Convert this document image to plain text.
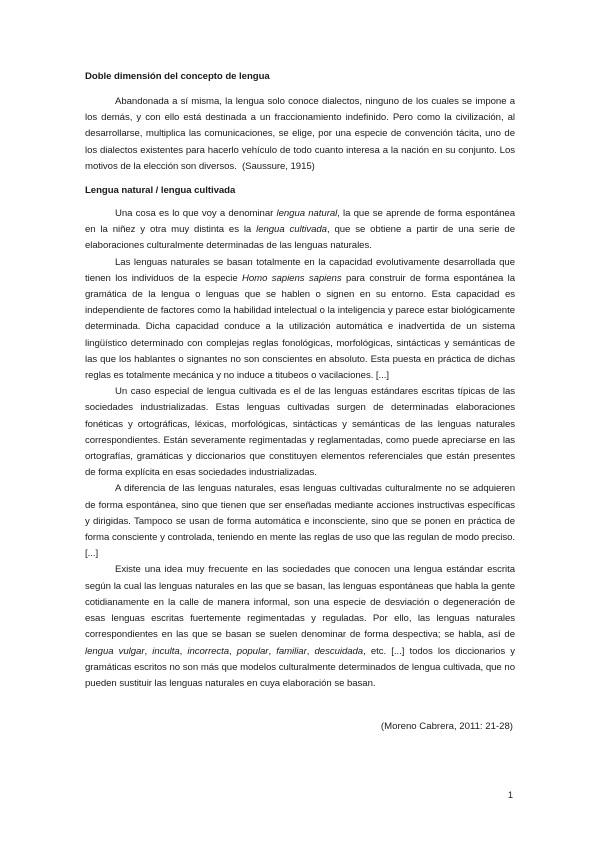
Doble dimensión del concepto de lengua

Abandonada a sí misma, la lengua solo conoce dialectos, ninguno de los cuales se impone a los demás, y con ello está destinada a un fraccionamiento indefinido. Pero como la civilización, al desarrollarse, multiplica las comunicaciones, se elige, por una especie de convención tácita, uno de los dialectos existentes para hacerlo vehículo de todo cuanto interesa a la nación en su conjunto. Los motivos de la elección son diversos. (Saussure, 1915)

Lengua natural / lengua cultivada

Una cosa es lo que voy a denominar lengua natural, la que se aprende de forma espontánea en la niñez y otra muy distinta es la lengua cultivada, que se obtiene a partir de una serie de elaboraciones culturalmente determinadas de las lenguas naturales.

Las lenguas naturales se basan totalmente en la capacidad evolutivamente desarrollada que tienen los individuos de la especie Homo sapiens sapiens para construir de forma espontánea la gramática de la lengua o lenguas que se hablen o signen en su entorno. Esta capacidad es independiente de factores como la habilidad intelectual o la inteligencia y parece estar biológicamente determinada. Dicha capacidad conduce a la utilización automática e inadvertida de un sistema lingüístico determinado con complejas reglas fonológicas, morfológicas, sintácticas y semánticas de las que los hablantes o signantes no son conscientes en absoluto. Esta puesta en práctica de dichas reglas es totalmente mecánica y no induce a titubeos o vacilaciones. [...]

Un caso especial de lengua cultivada es el de las lenguas estándares escritas típicas de las sociedades industrializadas. Estas lenguas cultivadas surgen de determinadas elaboraciones fonéticas y ortográficas, léxicas, morfológicas, sintácticas y semánticas de las lenguas naturales correspondientes. Están severamente regimentadas y reglamentadas, como puede apreciarse en las ortografías, gramáticas y diccionarios que constituyen elementos referenciales que están presentes de forma explícita en esas sociedades industrializadas.

A diferencia de las lenguas naturales, esas lenguas cultivadas culturalmente no se adquieren de forma espontánea, sino que tienen que ser enseñadas mediante acciones instructivas específicas y dirigidas. Tampoco se usan de forma automática e inconsciente, sino que se ponen en práctica de forma consciente y controlada, teniendo en mente las reglas de uso que las regulan de modo preciso. [...]

Existe una idea muy frecuente en las sociedades que conocen una lengua estándar escrita según la cual las lenguas naturales en las que se basan, las lenguas espontáneas que habla la gente cotidianamente en la calle de manera informal, son una especie de desviación o degeneración de esas lenguas escritas fuertemente regimentadas y reguladas. Por ello, las lenguas naturales correspondientes en las que se basan se suelen denominar de forma despectiva; se habla, así de lengua vulgar, inculta, incorrecta, popular, familiar, descuidada, etc. [...] todos los diccionarios y gramáticas escritos no son más que modelos culturalmente determinados de lengua cultivada, que no pueden sustituir las lenguas naturales en cuya elaboración se basan.

(Moreno Cabrera, 2011: 21-28)
1
